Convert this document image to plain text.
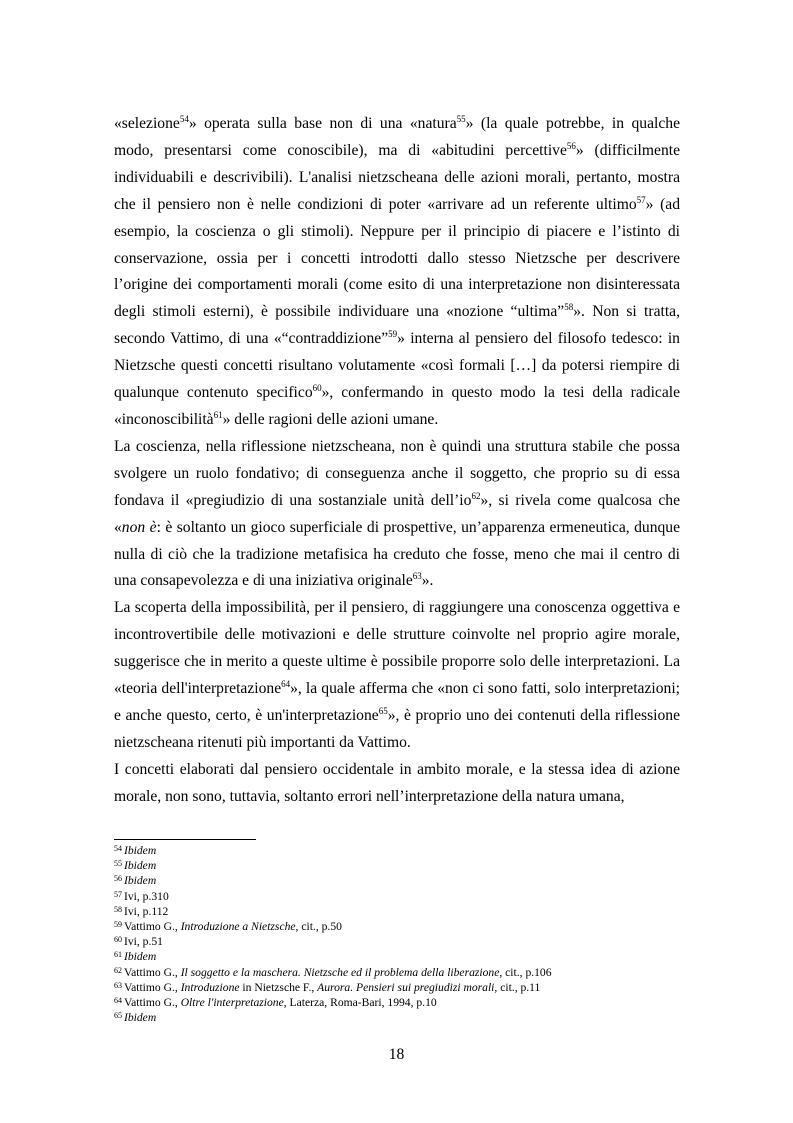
«selezione$^{54}$» operata sulla base non di una «natura$^{55}$» (la quale potrebbe, in qualche modo, presentarsi come conoscibile), ma di «abitudini percettive$^{56}$» (difficilmente individuabili e descrivibili). L'analisi nietzscheana delle azioni morali, pertanto, mostra che il pensiero non è nelle condizioni di poter «arrivare ad un referente ultimo$^{57}$» (ad esempio, la coscienza o gli stimoli). Neppure per il principio di piacere e l’istinto di conservazione, ossia per i concetti introdotti dallo stesso Nietzsche per descrivere l’origine dei comportamenti morali (come esito di una interpretazione non disinteressata degli stimoli esterni), è possibile individuare una «nozione “ultima”$^{58}$». Non si tratta, secondo Vattimo, di una «“contraddizione”$^{59}$» interna al pensiero del filosofo tedesco: in Nietzsche questi concetti risultano volutamente «così formali […] da potersi riempire di qualunque contenuto specifico$^{60}$», confermando in questo modo la tesi della radicale «inconoscibilità$^{61}$» delle ragioni delle azioni umane.

La coscienza, nella riflessione nietzscheana, non è quindi una struttura stabile che possa svolgere un ruolo fondativo; di conseguenza anche il soggetto, che proprio su di essa fondava il «pregiudizio di una sostanziale unità $dell’io^{62}$», si rivela come qualcosa che «non è: è soltanto un gioco superficiale di prospettive, un’apparenza ermeneutica, dunque nulla di ciò che la tradizione metafisica ha creduto che fosse, meno che mai il centro di una consapevolezza e di una iniziativa originale$^{63}$».

La scoperta della impossibilità, per il pensiero, di raggiungere una conoscenza oggettiva e incontrovertibile delle motivazioni e delle strutture coinvolte nel proprio agire morale, suggerisce che in merito a queste ultime è possibile proporre solo delle interpretazioni. La «teoria dell'interpretazione$^{64}$», la quale afferma che «non ci sono fatti, solo interpretazioni; e anche questo, certo, è un'interpretazione$^{65}$», è proprio uno dei contenuti della riflessione nietzscheana ritenuti più importanti da Vattimo.

I concetti elaborati dal pensiero occidentale in ambito morale, e la stessa idea di azione morale, non sono, tuttavia, soltanto errori nell’interpretazione della natura umana,

$^{54}$ Ibidem
$^{55}$ Ibidem
$^{56}$ Ibidem
$^{57}$ Ivi, p.310
$^{58}$ Ivi, p.112
$^{59}$ Vattimo G., Introduzione a Nietzsche, cit., p.50
$^{60}$ Ivi, p.51
$^{61}$ Ibidem
$^{62}$ Vattimo G., Il soggetto e la maschera. Nietzsche ed il problema della liberazione, cit., p.106
$^{63}$ Vattimo G., Introduzione in Nietzsche F., Aurora. Pensieri sui pregiudizi morali, cit., p.11
$^{64}$ Vattimo G., Oltre l'interpretazione, Laterza, Roma-Bari, 1994, p.10
$^{65}$ Ibidem
18
